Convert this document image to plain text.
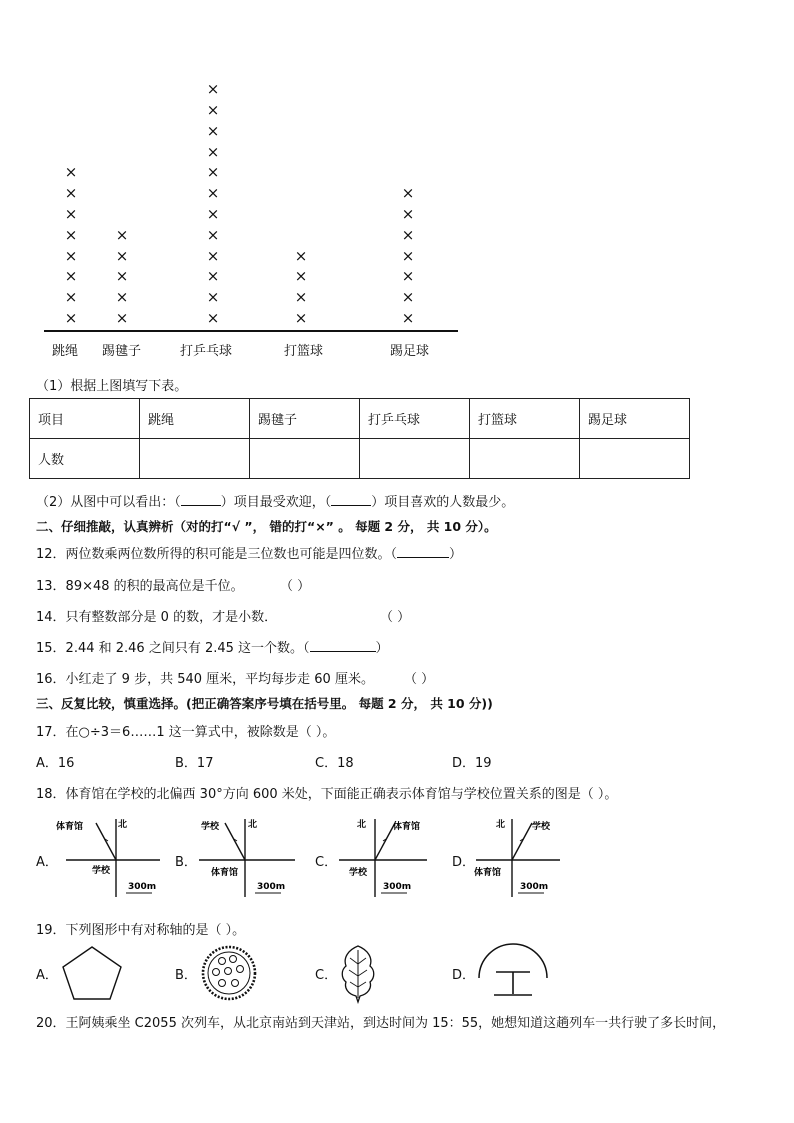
×
×
×
×
×
×
×
×
×
×
×
×
×
×
×
×
×
×
×
×
×
×
×
×
×
×
×
×
×
×
×
×
×
×
×
×
跳绳 踢毽子	打乒乓球	打篮球	踢足球
（1）根据上图填写下表。
项目	跳绳	踢毽子	打乒乓球	打篮球	踢足球
人数					
（2）从图中可以看出：（	）项目最受欢迎，（	）项目喜欢的人数最少。
二、仔细推敲，认真辨析（对的打“√ ”， 错的打“×” 。 每题 2 分， 共 10 分）。
12．两位数乘两位数所得的积可能是三位数也可能是四位数。（	）
13．89×48 的积的最高位是千位。	（ ）
14．只有整数部分是 0 的数，才是小数．	（ ）
15．2.44 和 2.46 之间只有 2.45 这一个数。（	）
16．小红走了 9 步，共 540 厘米，平均每步走 60 厘米。 （ ）
三、反复比较，慎重选择。(把正确答案序号填在括号里。 每题 2 分， 共 10 分))
17．在○÷3＝6……1 这一算式中，被除数是（ ）。
A．16	B．17	C．18	D．19
18．体育馆在学校的北偏西 30°方向 600 米处，下面能正确表示体育馆与学校位置关系的图是（ ）。
A．
体育馆	北
学校
300m
B．
学校	北
体育馆
300m
C．
北	体育馆
学校
300m
D．
北	学校
体育馆
300m
19．下列图形中有对称轴的是（ ）。
A．	B．	C．	D．
20．王阿姨乘坐 C2055 次列车，从北京南站到天津站，到达时间为 15：55，她想知道这趟列车一共行驶了多长时间，
